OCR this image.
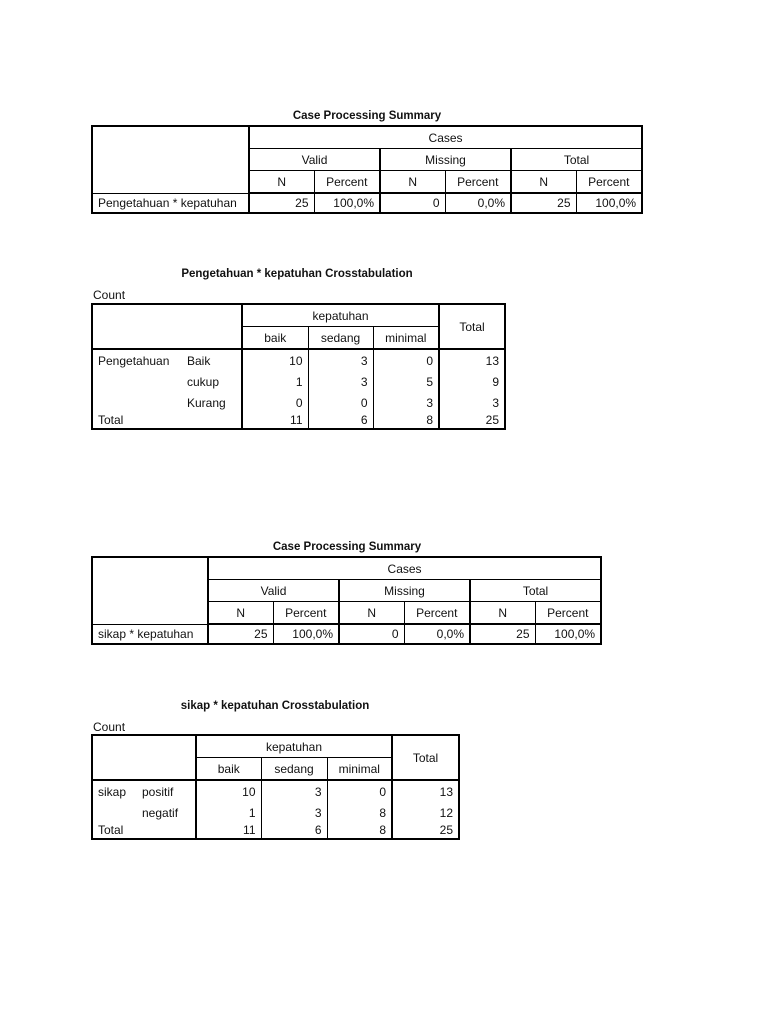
Case Processing Summary
	Cases					
	Valid		Missing		Total	
	N	Percent	N	Percent	N	Percent
Pengetahuan * kepatuhan	25	100,0%	0	0,0%	25	100,0%
Pengetahuan * kepatuhan Crosstabulation
Count
		kepatuhan			Total
		baik	sedang	minimal	
Pengetahuan	Baik	10	3	0	13
	cukup	1	3	5	9
	Kurang	0	0	3	3
Total		11	6	8	25
Case Processing Summary
	Cases					
	Valid		Missing		Total	
	N	Percent	N	Percent	N	Percent
sikap * kepatuhan	25	100,0%	0	0,0%	25	100,0%
sikap * kepatuhan Crosstabulation
Count
		kepatuhan			Total
		baik	sedang	minimal	
sikap	positif	10	3	0	13
	negatif	1	3	8	12
Total		11	6	8	25
